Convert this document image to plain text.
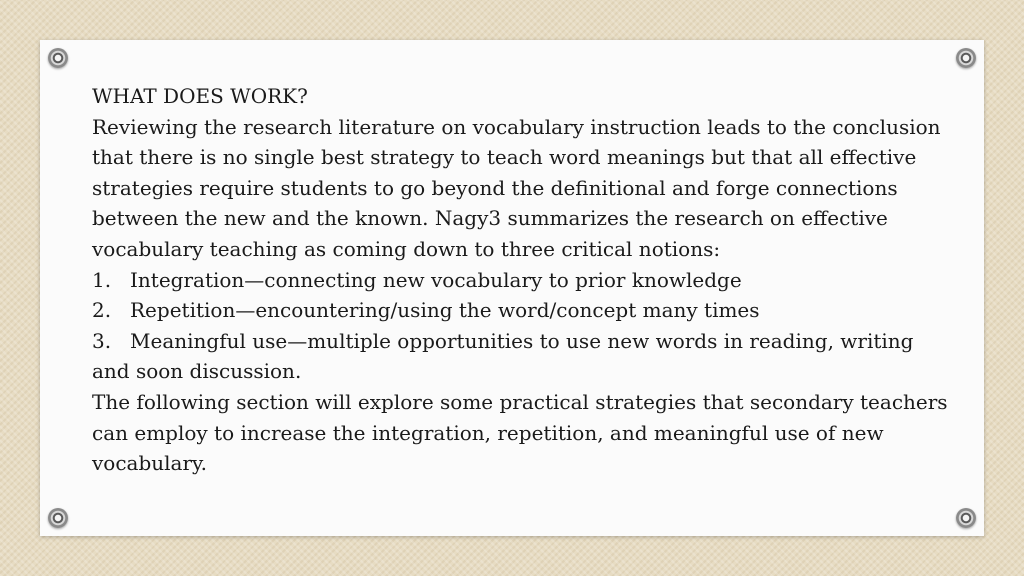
WHAT DOES WORK?

Reviewing the research literature on vocabulary instruction leads to the conclusion that there is no single best strategy to teach word meanings but that all effective strategies require students to go beyond the definitional and forge connections between the new and the known. Nagy3 summarizes the research on effective vocabulary teaching as coming down to three critical notions:

1. Integration—connecting new vocabulary to prior knowledge
2. Repetition—encountering/using the word/concept many times
3. Meaningful use—multiple opportunities to use new words in reading, writing and soon discussion.

The following section will explore some practical strategies that secondary teachers can employ to increase the integration, repetition, and meaningful use of new vocabulary.
